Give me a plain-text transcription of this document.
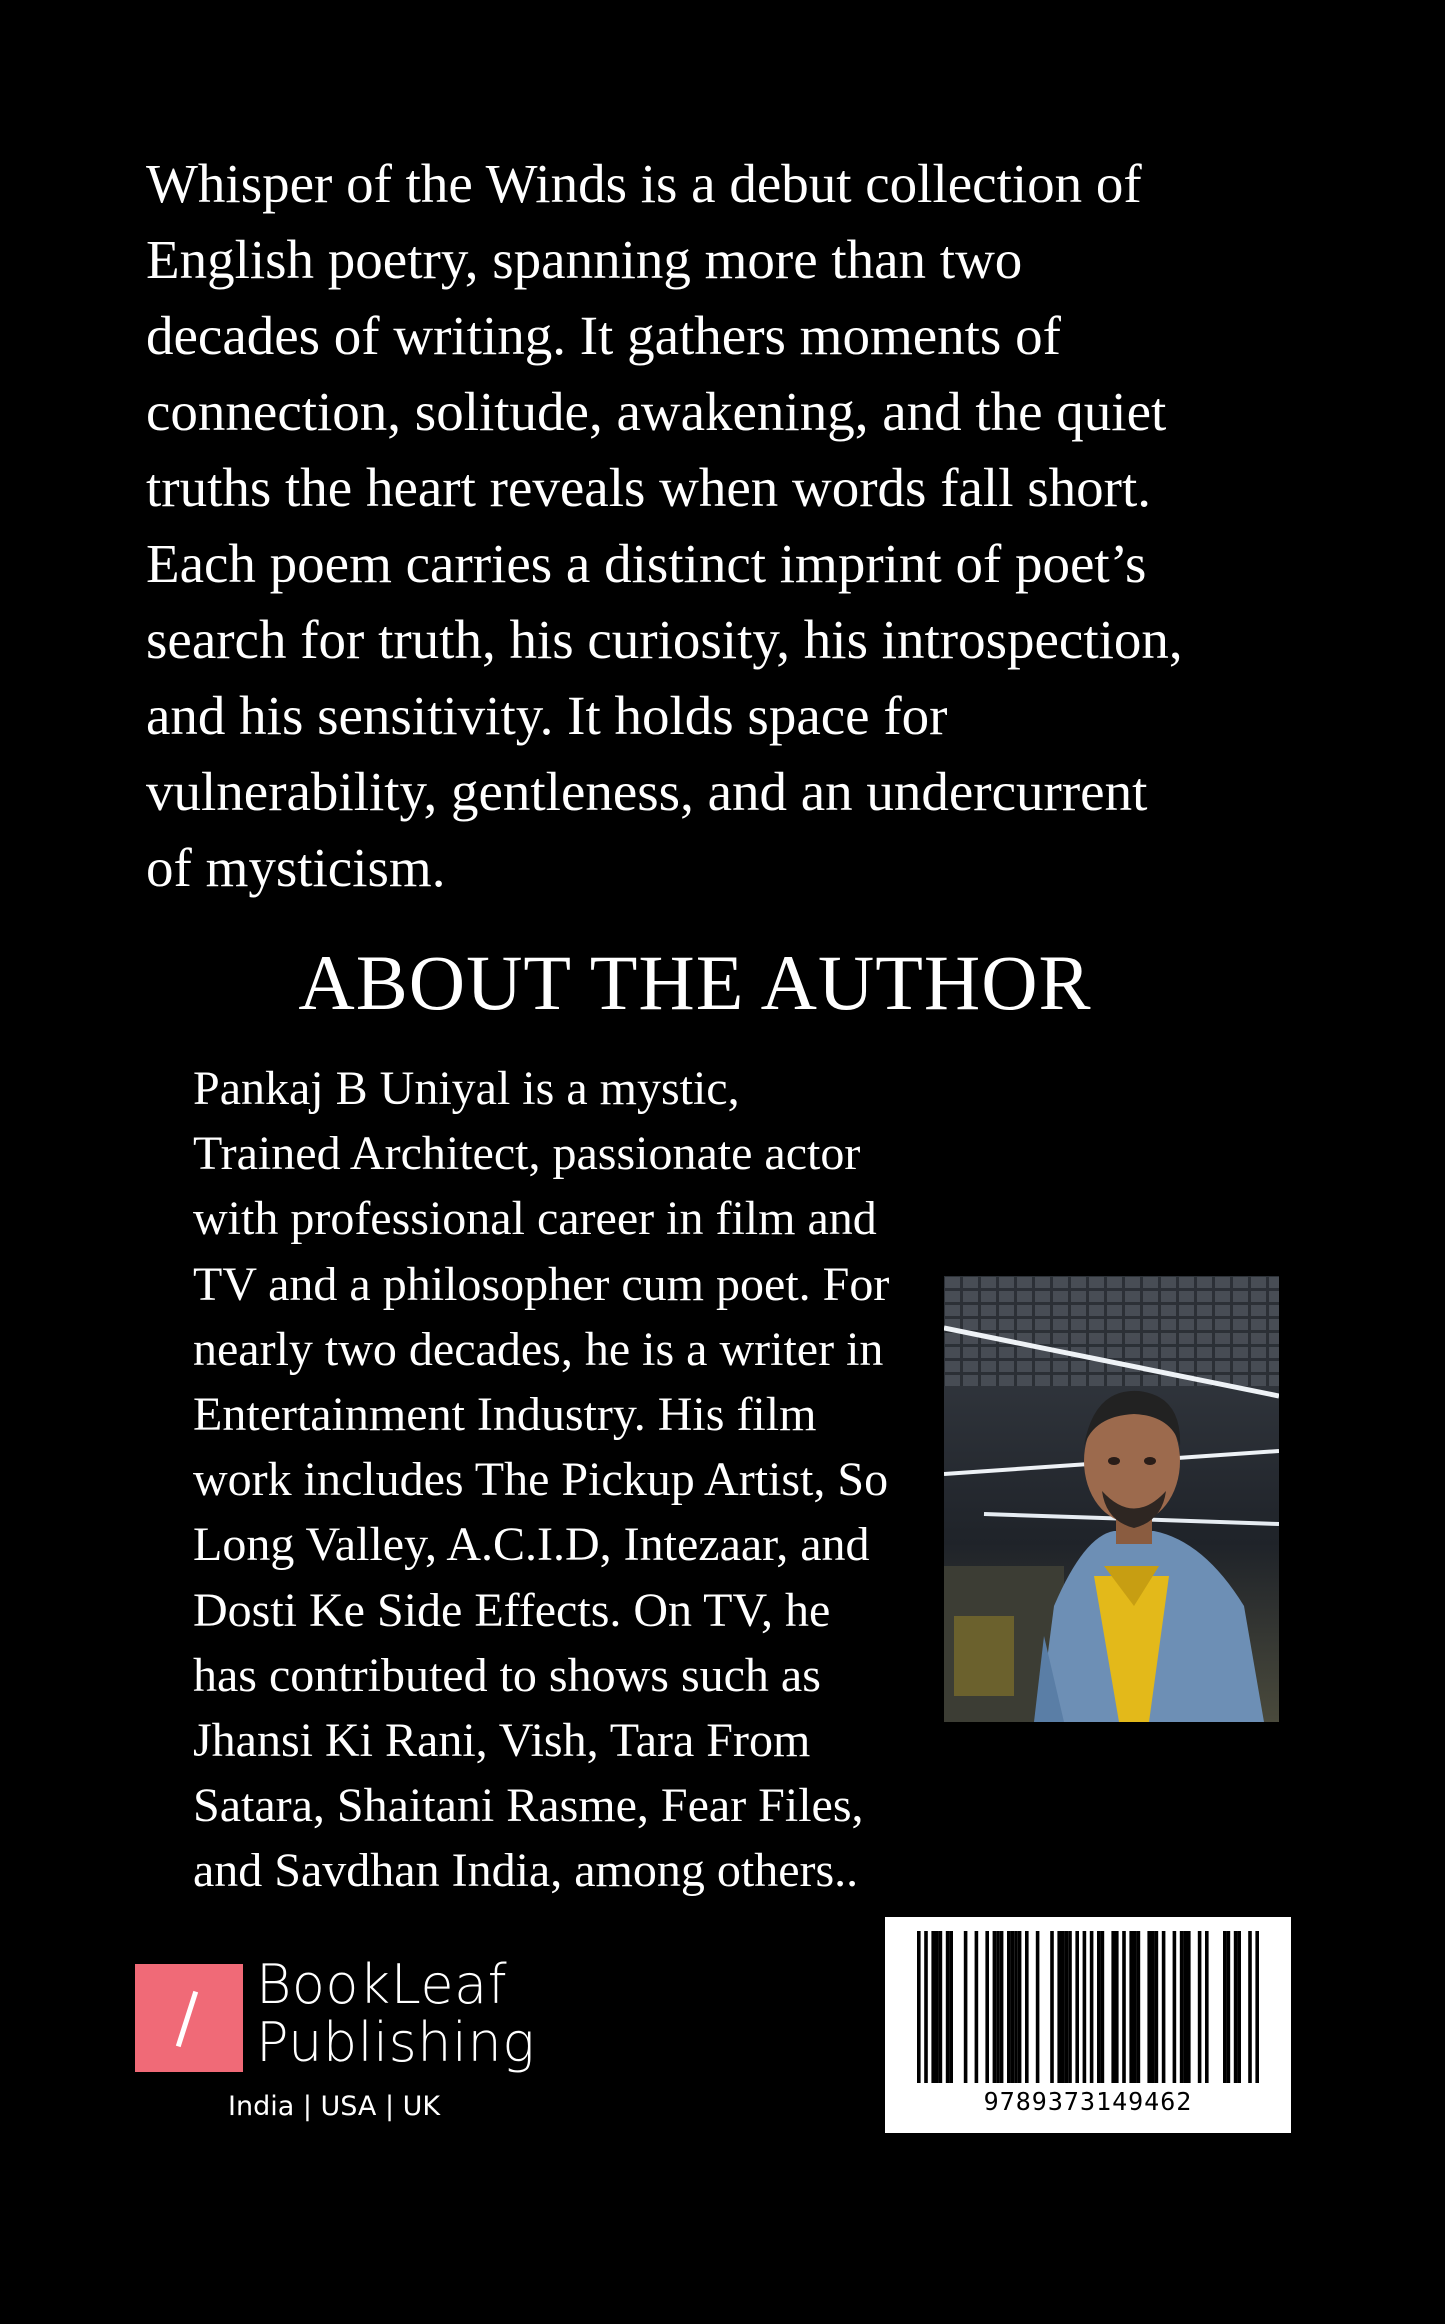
Whisper of the Winds is a debut collection of
English poetry, spanning more than two
decades of writing. It gathers moments of
connection, solitude, awakening, and the quiet
truths the heart reveals when words fall short.
Each poem carries a distinct imprint of poet’s
search for truth, his curiosity, his introspection,
and his sensitivity. It holds space for
vulnerability, gentleness, and an undercurrent
of mysticism.

ABOUT THE AUTHOR

Pankaj B Uniyal is a mystic,
Trained Architect, passionate actor
with professional career in film and
TV and a philosopher cum poet. For
nearly two decades, he is a writer in
Entertainment Industry. His film
work includes The Pickup Artist, So
Long Valley, A.C.I.D, Intezaar, and
Dosti Ke Side Effects. On TV, he
has contributed to shows such as
Jhansi Ki Rani, Vish, Tara From
Satara, Shaitani Rasme, Fear Files,
and Savdhan India, among others..

BookLeaf
Publishing
India | USA | UK	9789373149462
